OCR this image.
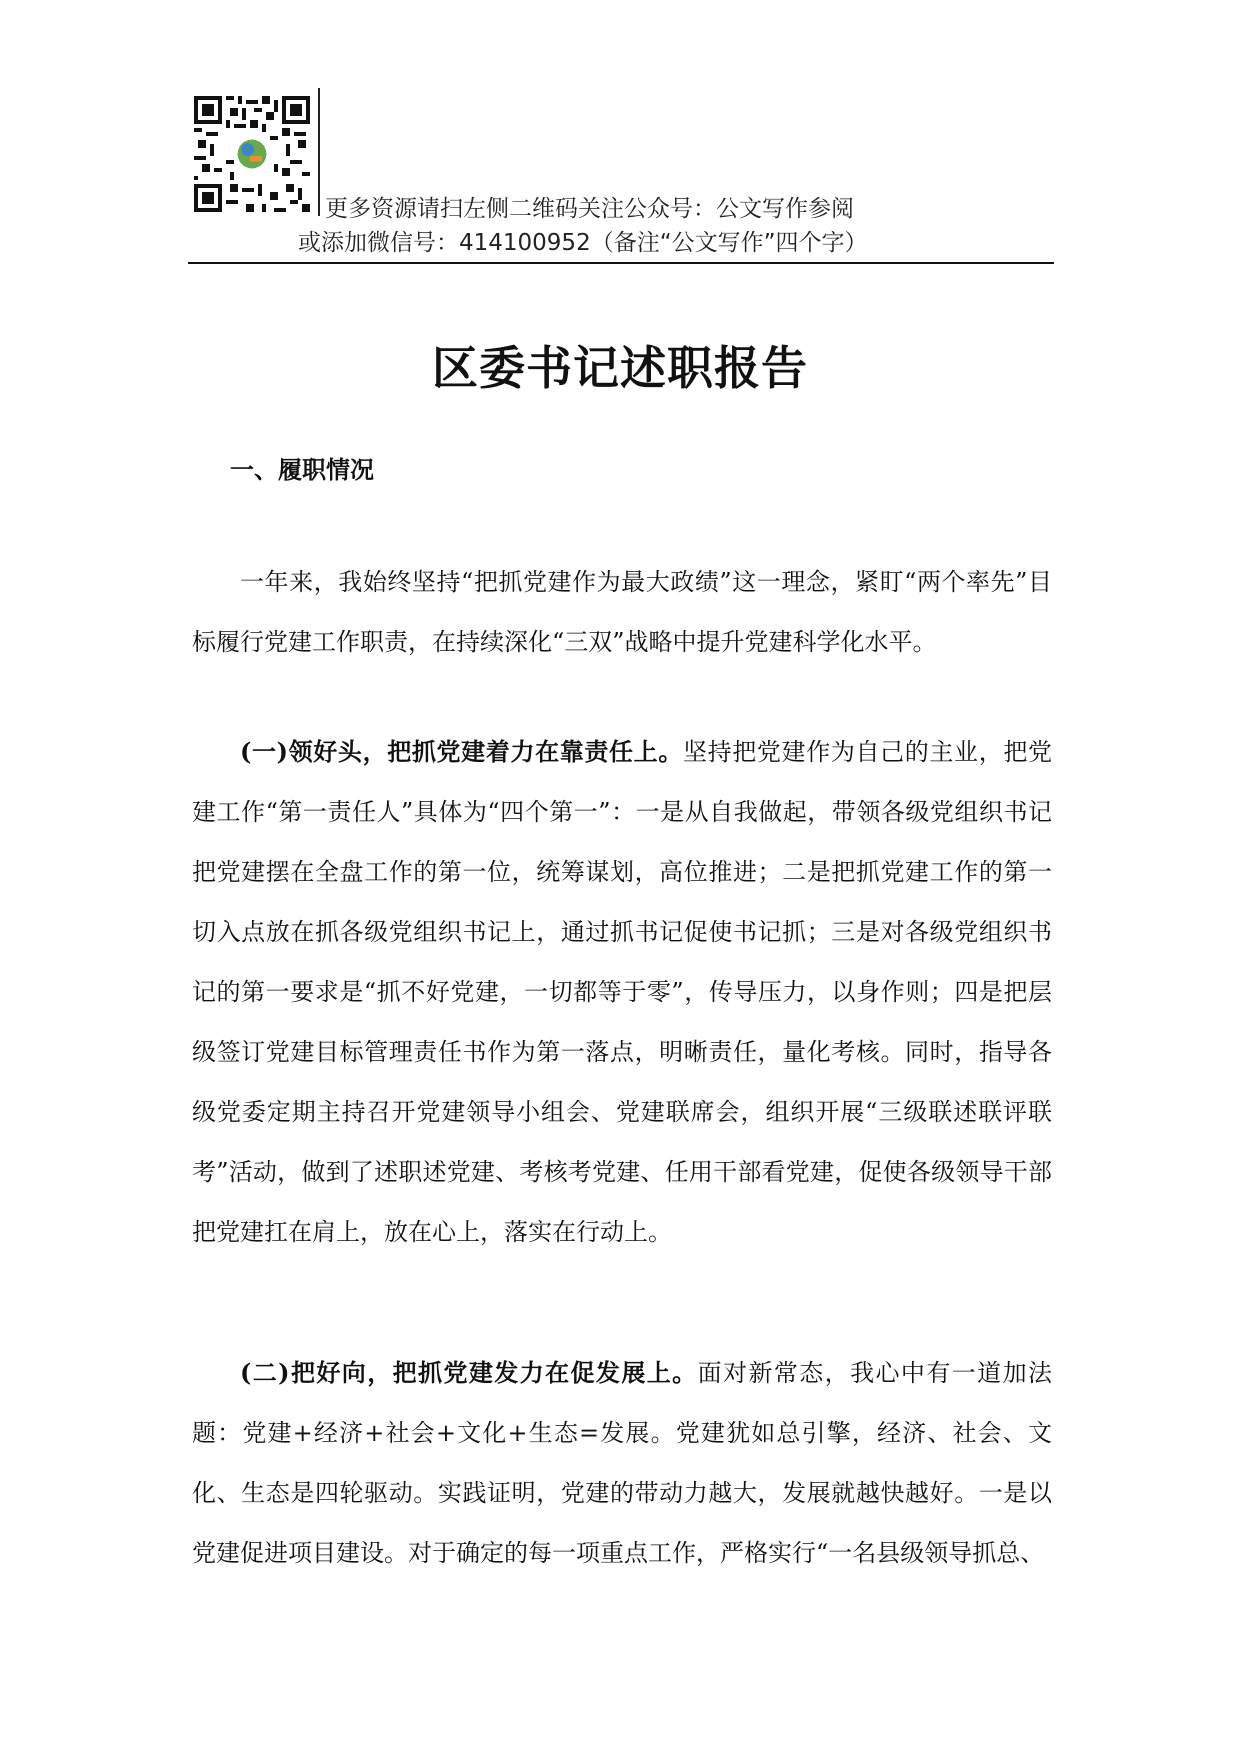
更多资源请扫左侧二维码关注公众号：公文写作参阅
或添加微信号：414100952（备注“公文写作”四个字）
区委书记述职报告
一、履职情况

一年来，我始终坚持“把抓党建作为最大政绩”这一理念，紧盯“两个率先”目标履行党建工作职责，在持续深化“三双”战略中提升党建科学化水平。

(一)领好头，把抓党建着力在靠责任上。坚持把党建作为自己的主业，把党建工作“第一责任人”具体为“四个第一”：一是从自我做起，带领各级党组织书记把党建摆在全盘工作的第一位，统筹谋划，高位推进；二是把抓党建工作的第一切入点放在抓各级党组织书记上，通过抓书记促使书记抓；三是对各级党组织书记的第一要求是“抓不好党建，一切都等于零”，传导压力，以身作则；四是把层级签订党建目标管理责任书作为第一落点，明晰责任，量化考核。同时，指导各级党委定期主持召开党建领导小组会、党建联席会，组织开展“三级联述联评联考”活动，做到了述职述党建、考核考党建、任用干部看党建，促使各级领导干部把党建扛在肩上，放在心上，落实在行动上。

(二)把好向，把抓党建发力在促发展上。面对新常态，我心中有一道加法题：党建+经济+社会+文化+生态=发展。党建犹如总引擎，经济、社会、文化、生态是四轮驱动。实践证明，党建的带动力越大，发展就越快越好。一是以党建促进项目建设。对于确定的每一项重点工作，严格实行“一名县级领导抓总、
